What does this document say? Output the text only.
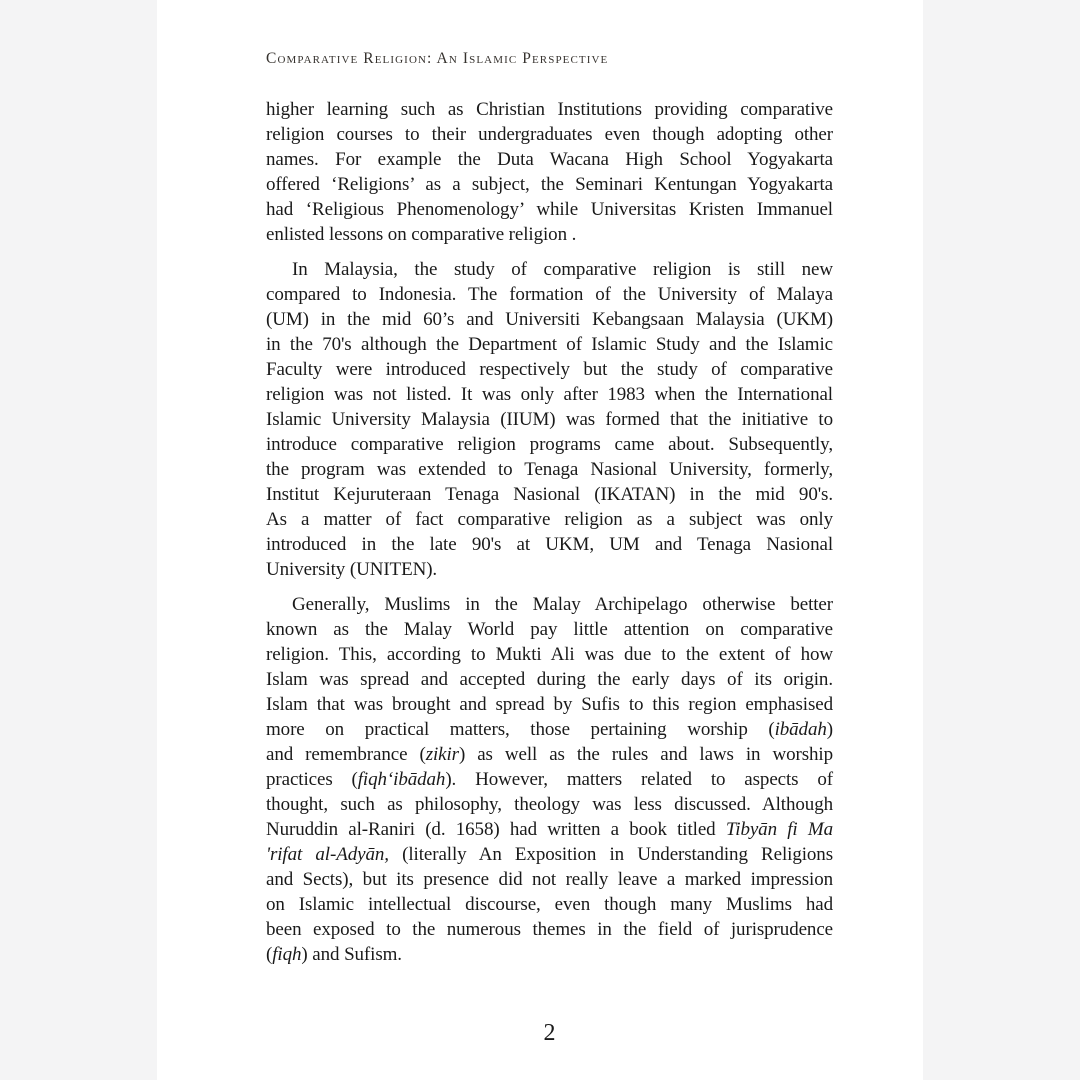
Comparative Religion: An Islamic Perspective
higher learning such as Christian Institutions providing comparative
religion courses to their undergraduates even though adopting other
names. For example the Duta Wacana High School Yogyakarta
offered ‘Religions’ as a subject, the Seminari Kentungan Yogyakarta
had ‘Religious Phenomenology’ while Universitas Kristen Immanuel
enlisted lessons on comparative religion .
In Malaysia, the study of comparative religion is still new
compared to Indonesia. The formation of the University of Malaya
(UM) in the mid 60’s and Universiti Kebangsaan Malaysia (UKM)
in the 70's although the Department of Islamic Study and the Islamic
Faculty were introduced respectively but the study of comparative
religion was not listed. It was only after 1983 when the International
Islamic University Malaysia (IIUM) was formed that the initiative to
introduce comparative religion programs came about. Subsequently,
the program was extended to Tenaga Nasional University, formerly,
Institut Kejuruteraan Tenaga Nasional (IKATAN) in the mid 90's.
As a matter of fact comparative religion as a subject was only
introduced in the late 90's at UKM, UM and Tenaga Nasional
University (UNITEN).
Generally, Muslims in the Malay Archipelago otherwise better
known as the Malay World pay little attention on comparative
religion. This, according to Mukti Ali was due to the extent of how
Islam was spread and accepted during the early days of its origin.
Islam that was brought and spread by Sufis to this region emphasised
more on practical matters, those pertaining worship (ibādah)
and remembrance (zikir) as well as the rules and laws in worship
practices (fiqh‘ibādah). However, matters related to aspects of
thought, such as philosophy, theology was less discussed. Although
Nuruddin al-Raniri (d. 1658) had written a book titled Tibyān fi Ma
'rifat al-Adyān, (literally An Exposition in Understanding Religions
and Sects), but its presence did not really leave a marked impression
on Islamic intellectual discourse, even though many Muslims had
been exposed to the numerous themes in the field of jurisprudence
(fiqh) and Sufism.
2
